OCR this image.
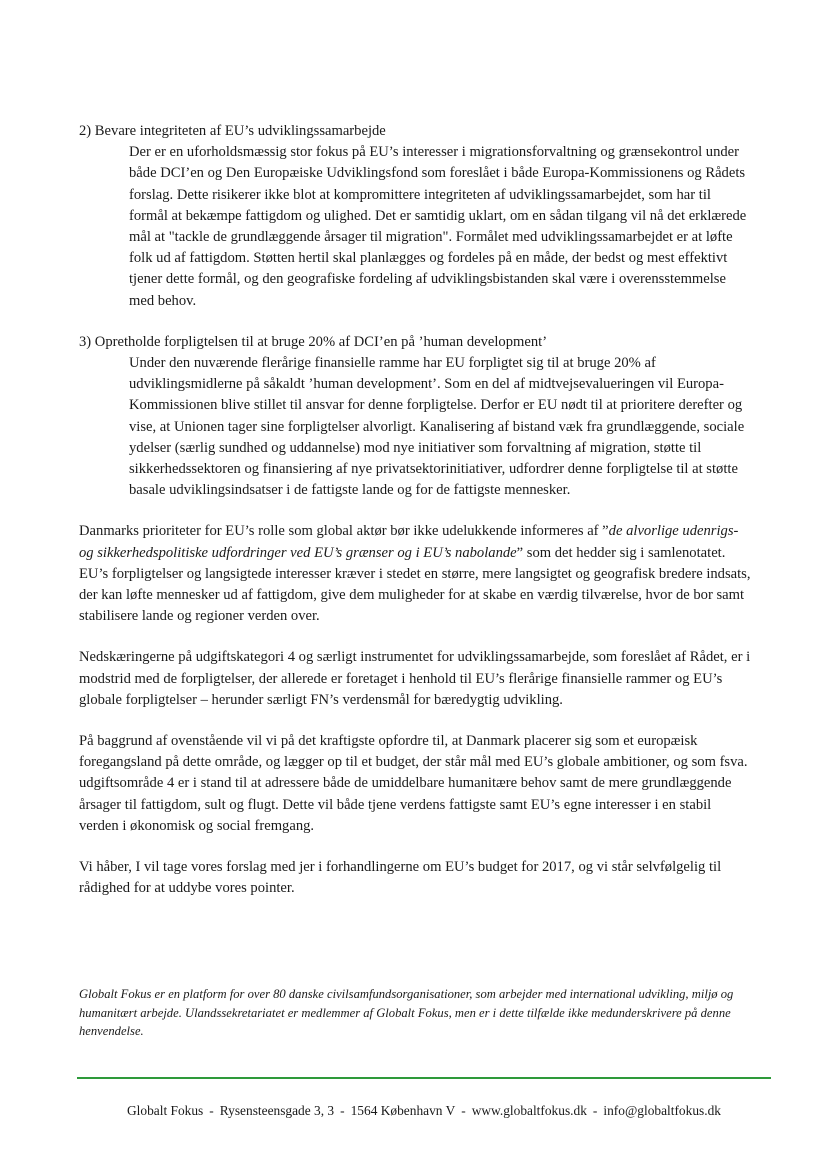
2) Bevare integriteten af EU’s udviklingssamarbejde

Der er en uforholdsmæssig stor fokus på EU’s interesser i migrationsforvaltning og grænsekontrol under både DCI’en og Den Europæiske Udviklingsfond som foreslået i både Europa-Kommissionens og Rådets forslag. Dette risikerer ikke blot at kompromittere integriteten af udviklingssamarbejdet, som har til formål at bekæmpe fattigdom og ulighed. Det er samtidig uklart, om en sådan tilgang vil nå det erklærede mål at "tackle de grundlæggende årsager til migration". Formålet med udviklingssamarbejdet er at løfte folk ud af fattigdom. Støtten hertil skal planlægges og fordeles på en måde, der bedst og mest effektivt tjener dette formål, og den geografiske fordeling af udviklingsbistanden skal være i overensstemmelse med behov.

3) Opretholde forpligtelsen til at bruge 20% af DCI’en på ’human development’

Under den nuværende flerårige finansielle ramme har EU forpligtet sig til at bruge 20% af udviklingsmidlerne på såkaldt ’human development’. Som en del af midtvejsevalueringen vil Europa-Kommissionen blive stillet til ansvar for denne forpligtelse. Derfor er EU nødt til at prioritere derefter og vise, at Unionen tager sine forpligtelser alvorligt. Kanalisering af bistand væk fra grundlæggende, sociale ydelser (særlig sundhed og uddannelse) mod nye initiativer som forvaltning af migration, støtte til sikkerhedssektoren og finansiering af nye privatsektorinitiativer, udfordrer denne forpligtelse til at støtte basale udviklingsindsatser i de fattigste lande og for de fattigste mennesker.

Danmarks prioriteter for EU’s rolle som global aktør bør ikke udelukkende informeres af ”de alvorlige udenrigs- og sikkerhedspolitiske udfordringer ved EU’s grænser og i EU’s nabolande” som det hedder sig i samlenotatet. EU’s forpligtelser og langsigtede interesser kræver i stedet en større, mere langsigtet og geografisk bredere indsats, der kan løfte mennesker ud af fattigdom, give dem muligheder for at skabe en værdig tilværelse, hvor de bor samt stabilisere lande og regioner verden over.

Nedskæringerne på udgiftskategori 4 og særligt instrumentet for udviklingssamarbejde, som foreslået af Rådet, er i modstrid med de forpligtelser, der allerede er foretaget i henhold til EU’s flerårige finansielle rammer og EU’s globale forpligtelser – herunder særligt FN’s verdensmål for bæredygtig udvikling.

På baggrund af ovenstående vil vi på det kraftigste opfordre til, at Danmark placerer sig som et europæisk foregangsland på dette område, og lægger op til et budget, der står mål med EU’s globale ambitioner, og som fsva. udgiftsområde 4 er i stand til at adressere både de umiddelbare humanitære behov samt de mere grundlæggende årsager til fattigdom, sult og flugt. Dette vil både tjene verdens fattigste samt EU’s egne interesser i en stabil verden i økonomisk og social fremgang.

Vi håber, I vil tage vores forslag med jer i forhandlingerne om EU’s budget for 2017, og vi står selvfølgelig til rådighed for at uddybe vores pointer.

Globalt Fokus er en platform for over 80 danske civilsamfundsorganisationer, som arbejder med international udvikling, miljø og humanitært arbejde. Ulandssekretariatet er medlemmer af Globalt Fokus, men er i dette tilfælde ikke medunderskrivere på denne henvendelse.

Globalt Fokus - Rysensteensgade 3, 3 - 1564 København V - www.globaltfokus.dk - info@globaltfokus.dk
